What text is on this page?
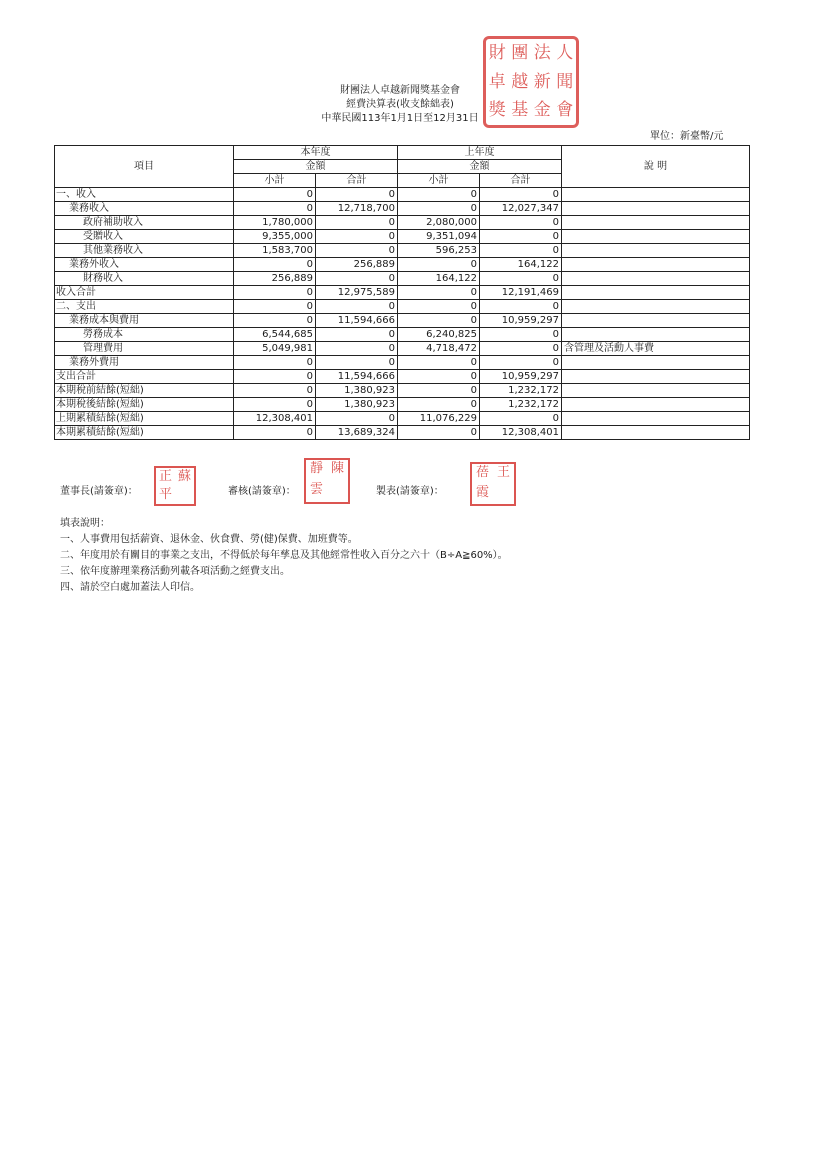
財團法人卓越新聞獎基金會
經費決算表(收支餘絀表)
中華民國113年1月1日至12月31日
財 團 法 人
卓 越 新 聞
獎 基 金 會
單位：新臺幣/元
項目	本年度		上年度		說 明
	金額		金額		
	小計	合計	小計	合計	
一、收入	0	0	0	0	
業務收入	0	12,718,700	0	12,027,347	
政府補助收入	1,780,000	0	2,080,000	0	
受贈收入	9,355,000	0	9,351,094	0	
其他業務收入	1,583,700	0	596,253	0	
業務外收入	0	256,889	0	164,122	
財務收入	256,889	0	164,122	0	
收入合計	0	12,975,589	0	12,191,469	
二、支出	0	0	0	0	
業務成本與費用	0	11,594,666	0	10,959,297	
勞務成本	6,544,685	0	6,240,825	0	
管理費用	5,049,981	0	4,718,472	0	含管理及活動人事費
業務外費用	0	0	0	0	
支出合計	0	11,594,666	0	10,959,297	
本期稅前結餘(短絀)	0	1,380,923	0	1,232,172	
本期稅後結餘(短絀)	0	1,380,923	0	1,232,172	
上期累積結餘(短絀)	12,308,401	0	11,076,229	0	
本期累積結餘(短絀)	0	13,689,324	0	12,308,401	
董事長(請簽章)：
正 蘇
平	審核(請簽章)：
靜 陳
雲	製表(請簽章)：
蓓 王
霞
填表說明：
一、人事費用包括薪資、退休金、伙食費、勞(健)保費、加班費等。
二、年度用於有關目的事業之支出，不得低於每年孳息及其他經常性收入百分之六十（B÷A≧60%）。
三、依年度辦理業務活動列載各項活動之經費支出。
四、請於空白處加蓋法人印信。
